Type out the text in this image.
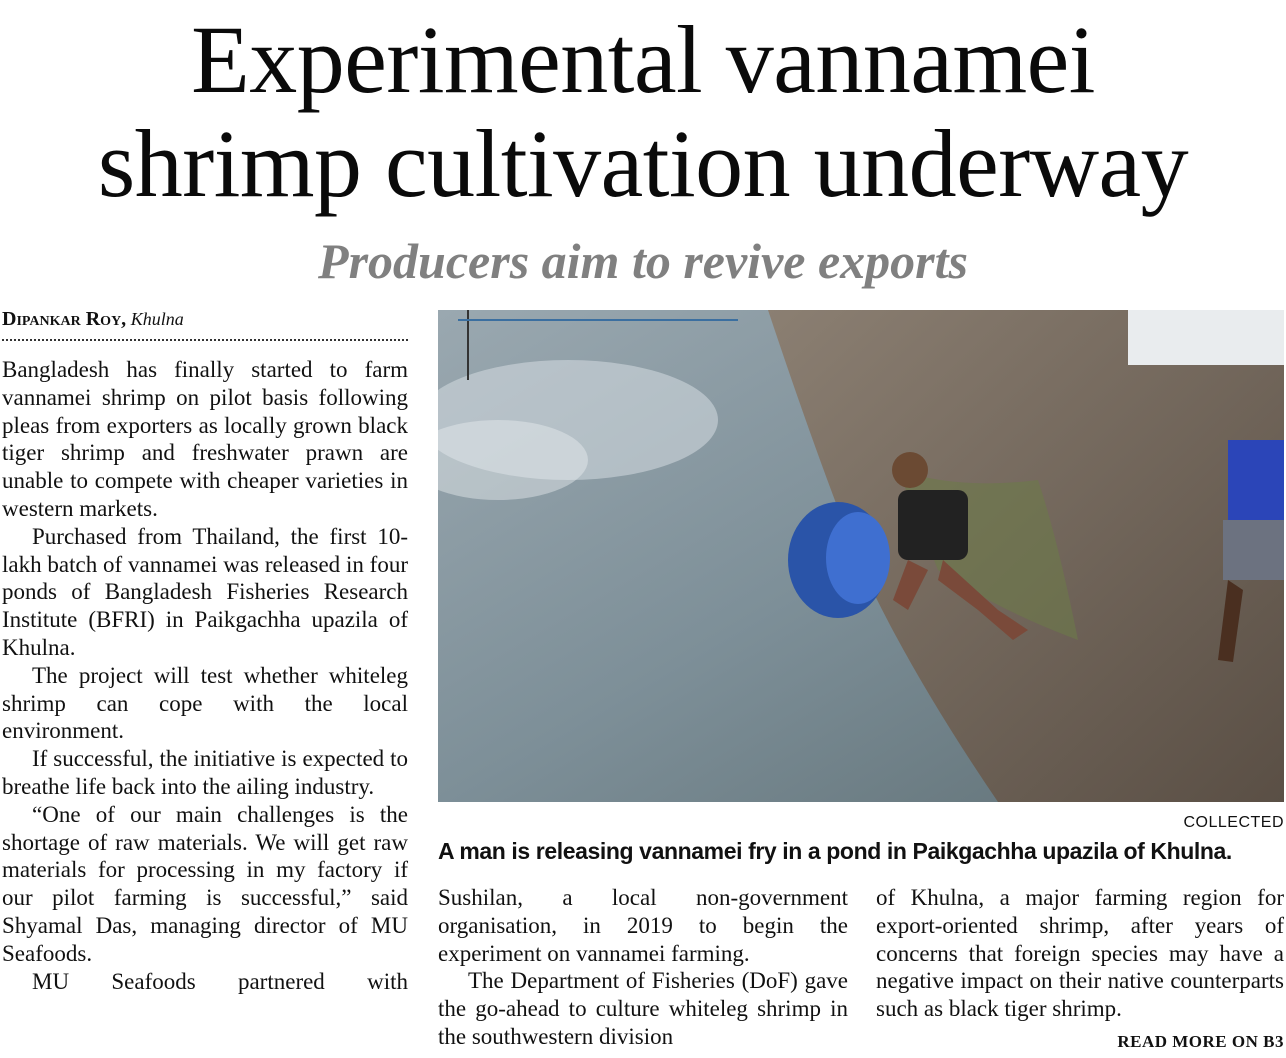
Experimental vannamei
shrimp cultivation underway
Producers aim to revive exports
Dipankar Roy, Khulna

Bangladesh has finally started to farm vannamei shrimp on pilot basis following pleas from exporters as locally grown black tiger shrimp and freshwater prawn are unable to compete with cheaper varieties in western markets.

Purchased from Thailand, the first 10-lakh batch of vannamei was released in four ponds of Bangladesh Fisheries Research Institute (BFRI) in Paikgachha upazila of Khulna.

The project will test whether whiteleg shrimp can cope with the local environment.

If successful, the initiative is expected to breathe life back into the ailing industry.

“One of our main challenges is the shortage of raw materials. We will get raw materials for processing in my factory if our pilot farming is successful,” said Shyamal Das, managing director of MU Seafoods.

MU Seafoods partnered with

COLLECTED
A man is releasing vannamei fry in a pond in Paikgachha upazila of Khulna.

Sushilan, a local non-government organisation, in 2019 to begin the experiment on vannamei farming.

The Department of Fisheries (DoF) gave the go-ahead to culture whiteleg shrimp in the southwestern division

of Khulna, a major farming region for export-oriented shrimp, after years of concerns that foreign species may have a negative impact on their native counterparts such as black tiger shrimp.

READ MORE ON B3
